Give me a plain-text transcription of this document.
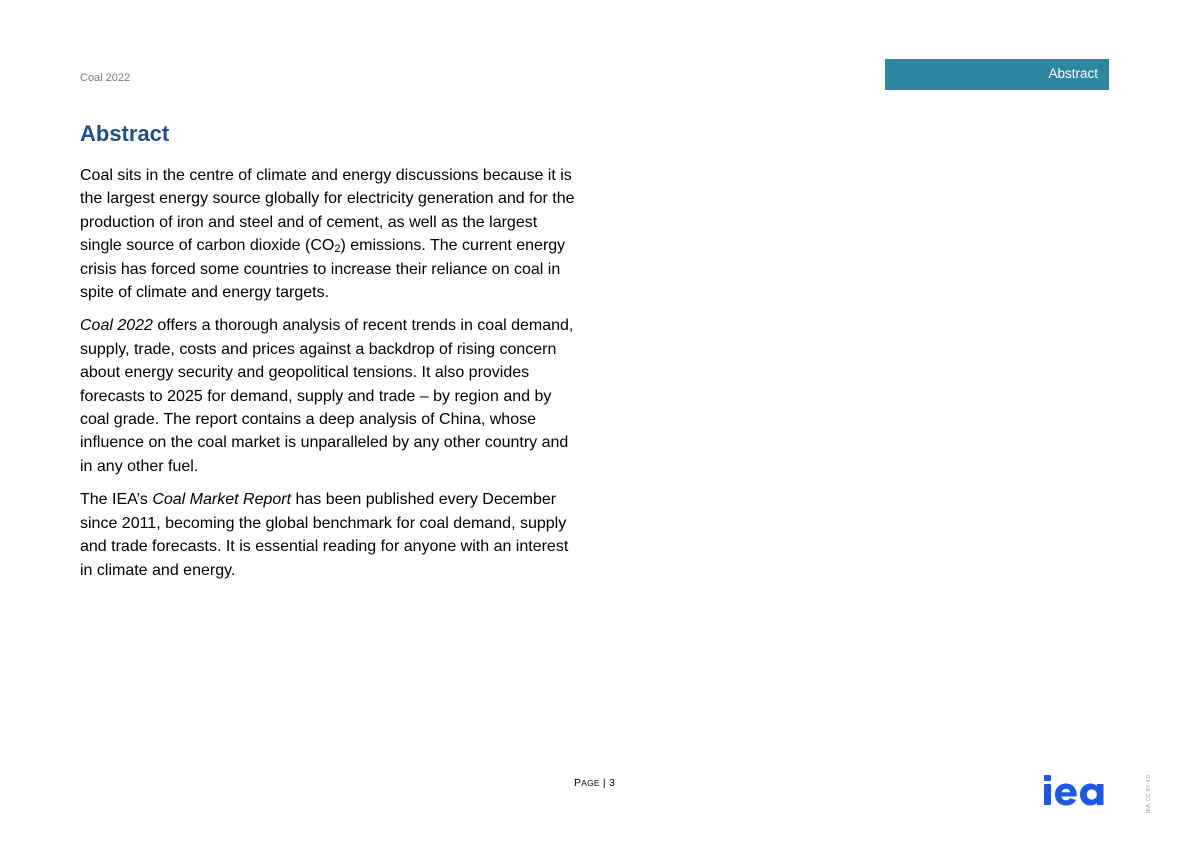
Coal 2022	Abstract
Abstract

Coal sits in the centre of climate and energy discussions because it is the largest energy source globally for electricity generation and for the production of iron and steel and of cement, as well as the largest single source of carbon dioxide $(CO_2)$ emissions. The current energy crisis has forced some countries to increase their reliance on coal in spite of climate and energy targets.

Coal 2022 offers a thorough analysis of recent trends in coal demand, supply, trade, costs and prices against a backdrop of rising concern about energy security and geopolitical tensions. It also provides forecasts to 2025 for demand, supply and trade – by region and by coal grade. The report contains a deep analysis of China, whose influence on the coal market is unparalleled by any other country and in any other fuel.

The IEA’s Coal Market Report has been published every December since 2011, becoming the global benchmark for coal demand, supply and trade forecasts. It is essential reading for anyone with an interest in climate and energy.

PAGE | 3	IEA. CC BY 4.0.
